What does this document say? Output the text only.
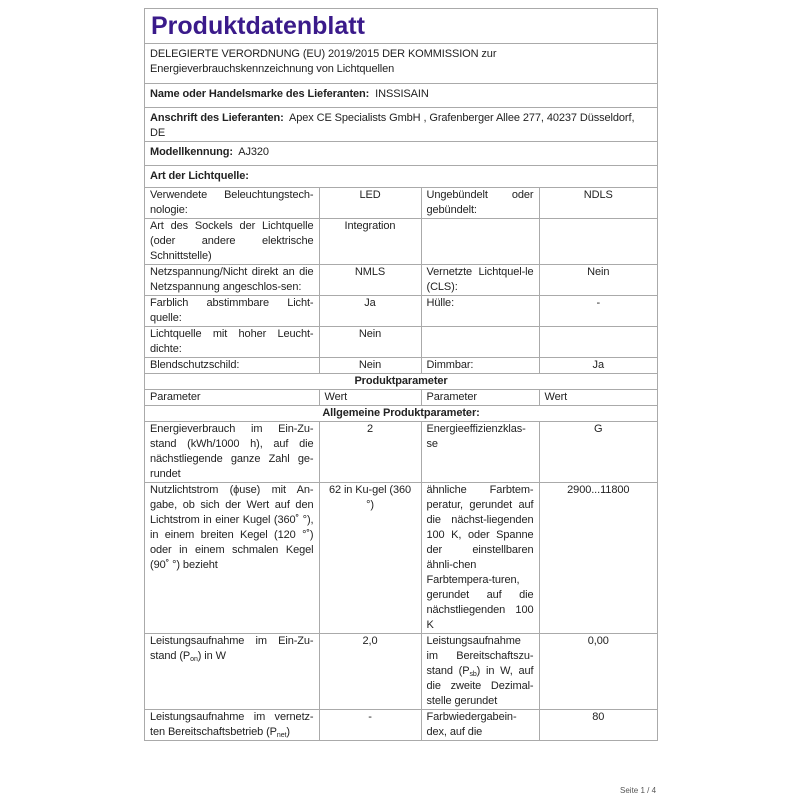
Produktdatenblatt			
DELEGIERTE VERORDNUNG (EU) 2019/2015 DER KOMMISSION zur Energieverbrauchskennzeichnung von Lichtquellen			
Name oder Handelsmarke des Lieferanten: INSSISAIN			
Anschrift des Lieferanten: Apex CE Specialists GmbH , Grafenberger Allee 277, 40237 Düsseldorf, DE			
Modellkennung: AJ320			
Art der Lichtquelle:			
Verwendete Beleuchtungstech-nologie:	LED	Ungebündelt oder gebündelt:	NDLS
Art des Sockels der Lichtquelle (oder andere elektrische Schnittstelle)	Integration		
Netzspannung/Nicht direkt an die Netzspannung angeschlos-sen:	NMLS	Vernetzte Lichtquel-le (CLS):	Nein
Farblich abstimmbare Licht-quelle:	Ja	Hülle:	-
Lichtquelle mit hoher Leucht-dichte:	Nein		
Blendschutzschild:	Nein	Dimmbar:	Ja
Produktparameter			
Parameter	Wert	Parameter	Wert
Allgemeine Produktparameter:			
Energieverbrauch im Ein-Zu-stand (kWh/1000 h), auf die nächstliegende ganze Zahl ge-rundet	2	Energieeffizienzklas-se	G
Nutzlichtstrom (ϕuse) mit An-gabe, ob sich der Wert auf den Lichtstrom in einer Kugel (360˚ °), in einem breiten Kegel (120 °˚) oder in einem schmalen Kegel (90˚ °) bezieht	62 in Ku-gel (360 °)	ähnliche Farbtem-peratur, gerundet auf die nächst-liegenden 100 K, oder Spanne der einstellbaren ähnli-chen Farbtempera-turen, gerundet auf die nächstliegenden 100 K	2900...11800
Leistungsaufnahme im Ein-Zu-stand $(P_{on})$ in W	2,0	Leistungsaufnahme im Bereitschaftszu-stand $(P_{sb})$ in W, auf die zweite Dezimal-stelle gerundet	0,00
Leistungsaufnahme im vernetz-ten Bereitschaftsbetrieb $(P_{net})$	-	Farbwiedergabein-dex, auf die	80
Seite 1 / 4
